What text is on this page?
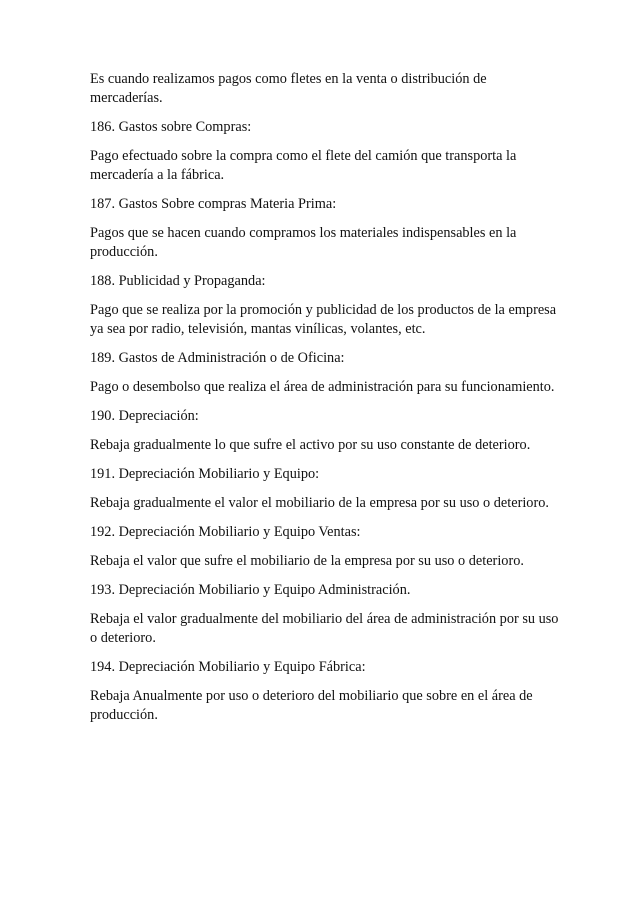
Es cuando realizamos pagos como fletes en la venta o distribución de mercaderías.

186. Gastos sobre Compras:

Pago efectuado sobre la compra como el flete del camión que transporta la mercadería a la fábrica.

187. Gastos Sobre compras Materia Prima:

Pagos que se hacen cuando compramos los materiales indispensables en la producción.

188. Publicidad y Propaganda:

Pago que se realiza por la promoción y publicidad de los productos de la empresa ya sea por radio, televisión, mantas vinílicas, volantes, etc.

189. Gastos de Administración o de Oficina:

Pago o desembolso que realiza el área de administración para su funcionamiento.

190. Depreciación:

Rebaja gradualmente lo que sufre el activo por su uso constante de deterioro.

191. Depreciación Mobiliario y Equipo:

Rebaja gradualmente el valor el mobiliario de la empresa por su uso o deterioro.

192. Depreciación Mobiliario y Equipo Ventas:

Rebaja el valor que sufre el mobiliario de la empresa por su uso o deterioro.

193. Depreciación Mobiliario y Equipo Administración.

Rebaja el valor gradualmente del mobiliario del área de administración por su uso o deterioro.

194. Depreciación Mobiliario y Equipo Fábrica:

Rebaja Anualmente por uso o deterioro del mobiliario que sobre en el área de producción.
